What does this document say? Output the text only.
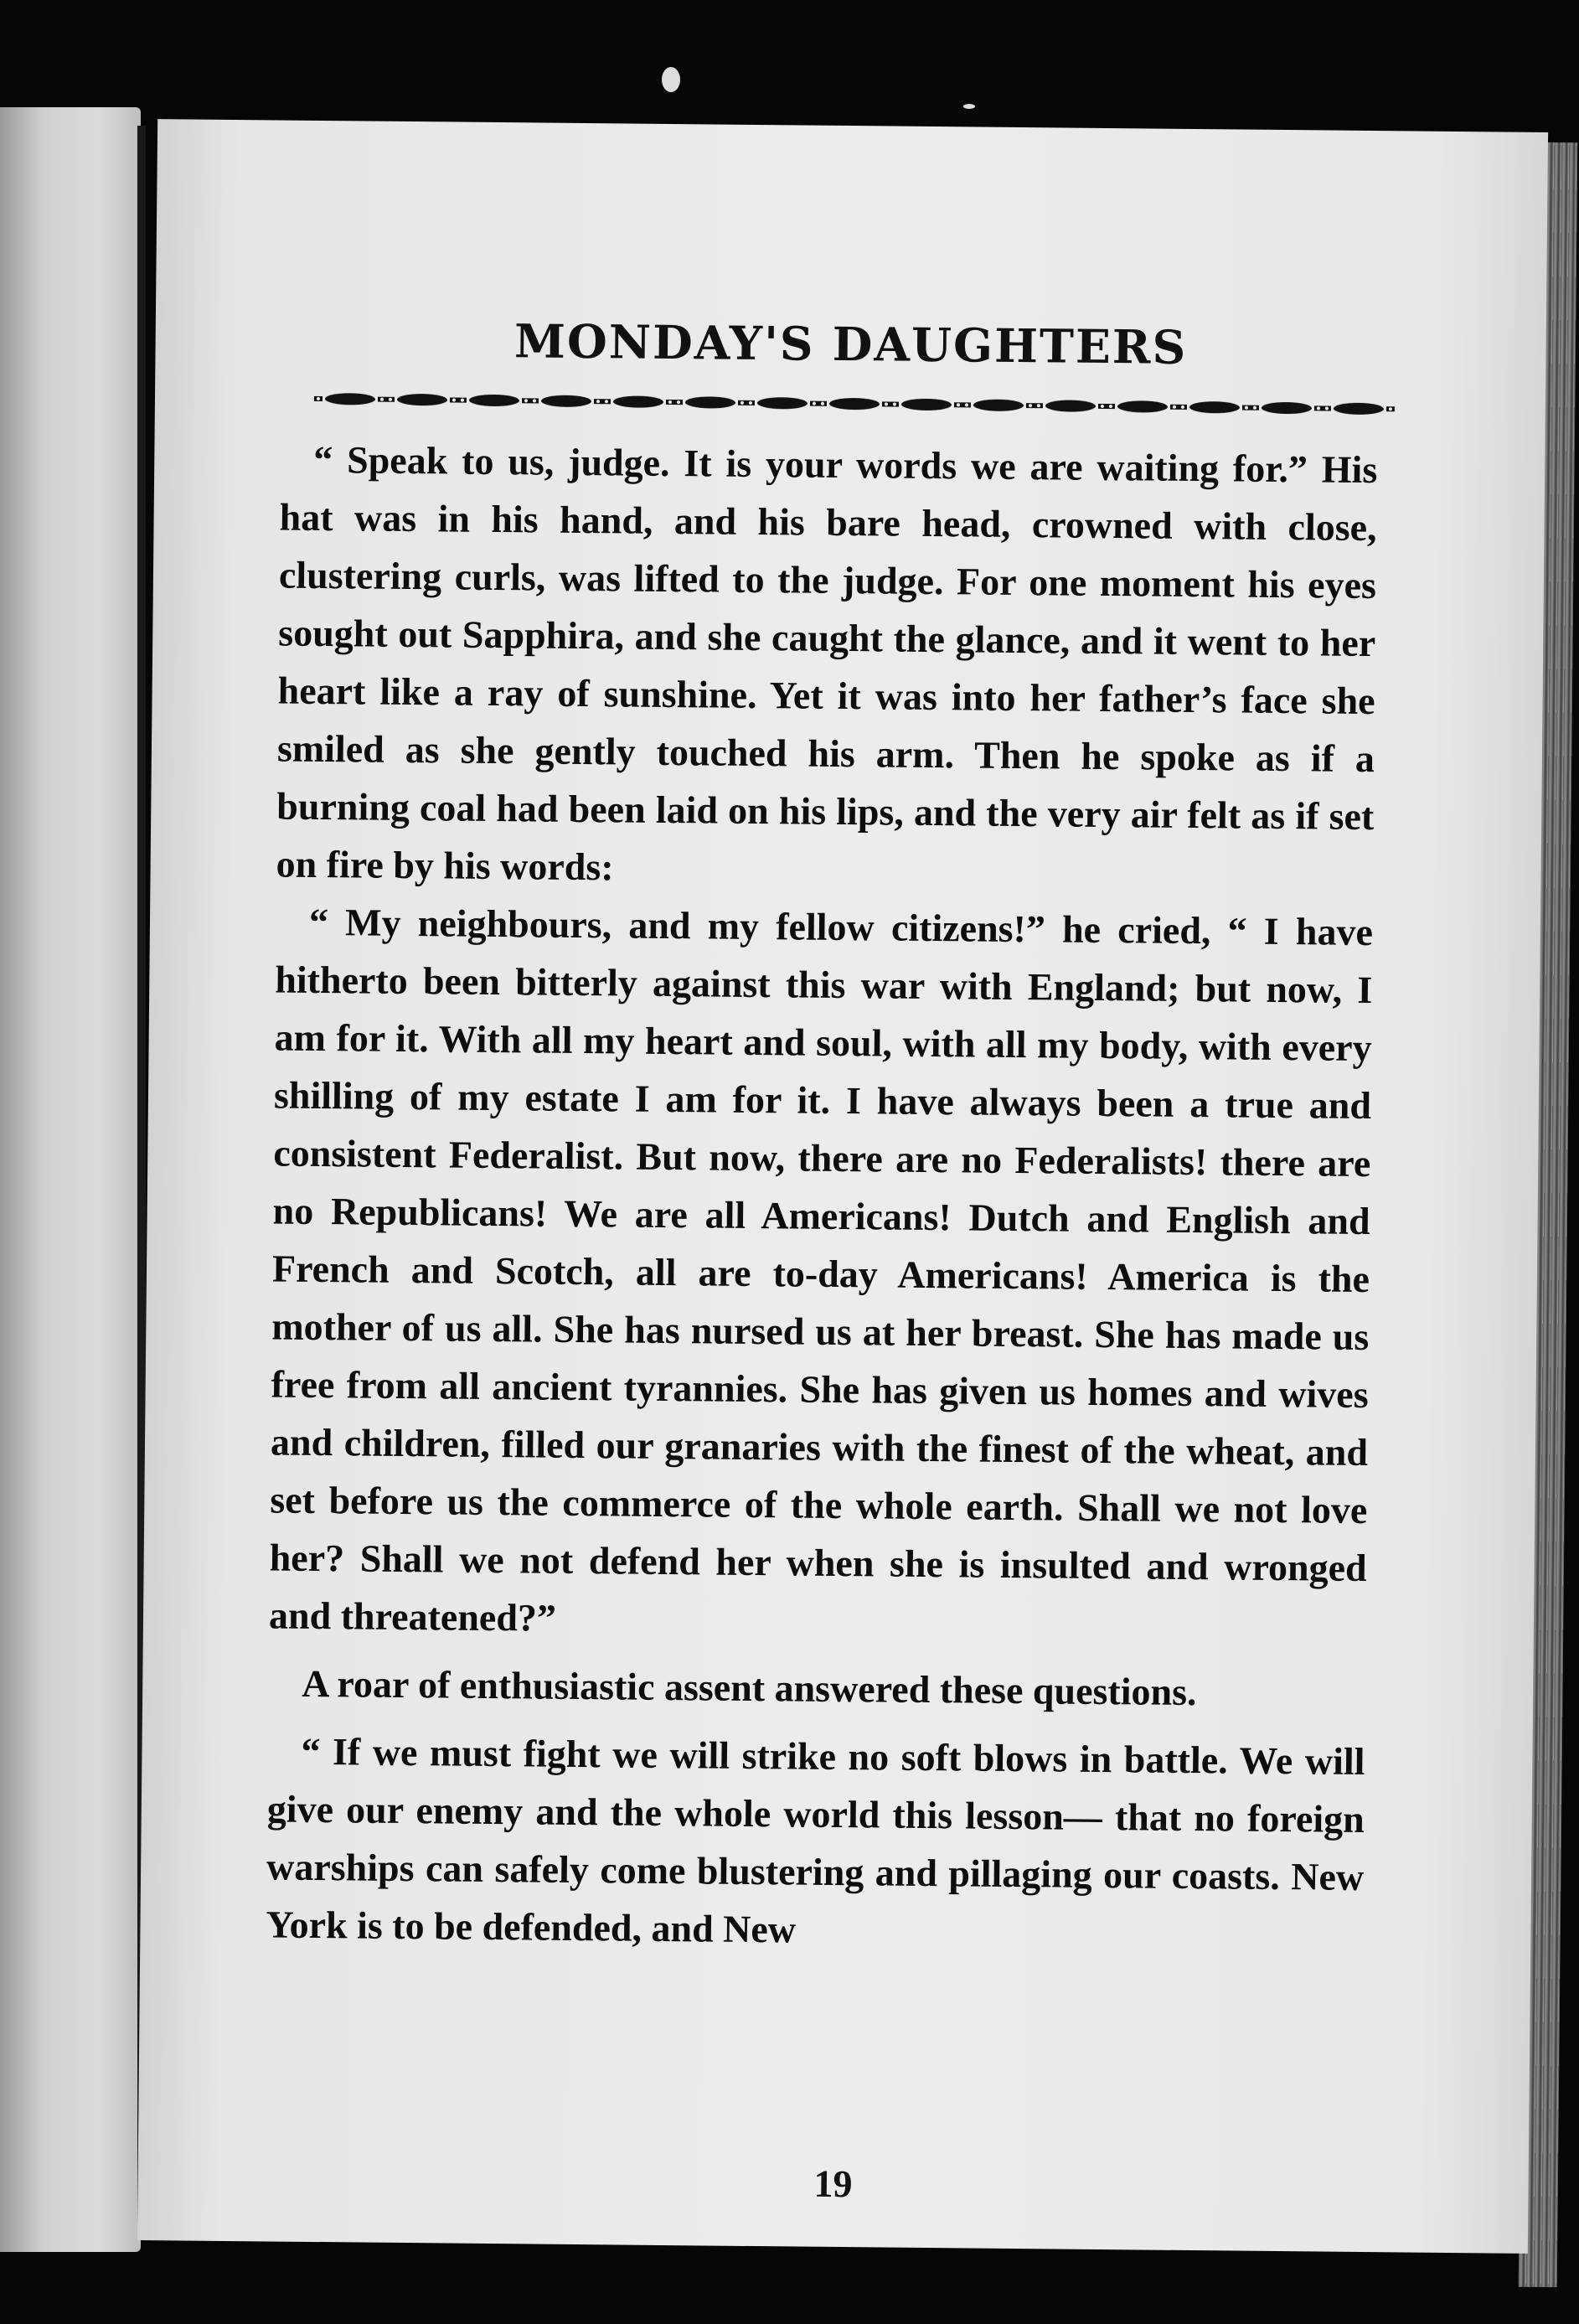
MONDAY'S DAUGHTERS

“ Speak to us, judge. It is your words we are waiting for.” His hat was in his hand, and his bare head, crowned with close, clustering curls, was lifted to the judge. For one moment his eyes sought out Sapphira, and she caught the glance, and it went to her heart like a ray of sunshine. Yet it was into her father’s face she smiled as she gently touched his arm. Then he spoke as if a burning coal had been laid on his lips, and the very air felt as if set on fire by his words:

“ My neighbours, and my fellow citizens!” he cried, “ I have hitherto been bitterly against this war with England; but now, I am for it. With all my heart and soul, with all my body, with every shilling of my estate I am for it. I have always been a true and consistent Federalist. But now, there are no Federalists! there are no Republicans! We are all Americans! Dutch and English and French and Scotch, all are to-day Americans! America is the mother of us all. She has nursed us at her breast. She has made us free from all ancient tyrannies. She has given us homes and wives and children, filled our granaries with the finest of the wheat, and set before us the commerce of the whole earth. Shall we not love her? Shall we not defend her when she is insulted and wronged and threatened?”

A roar of enthusiastic assent answered these questions.

“ If we must fight we will strike no soft blows in battle. We will give our enemy and the whole world this lesson— that no foreign warships can safely come blustering and pillaging our coasts. New York is to be defended, and New

19
